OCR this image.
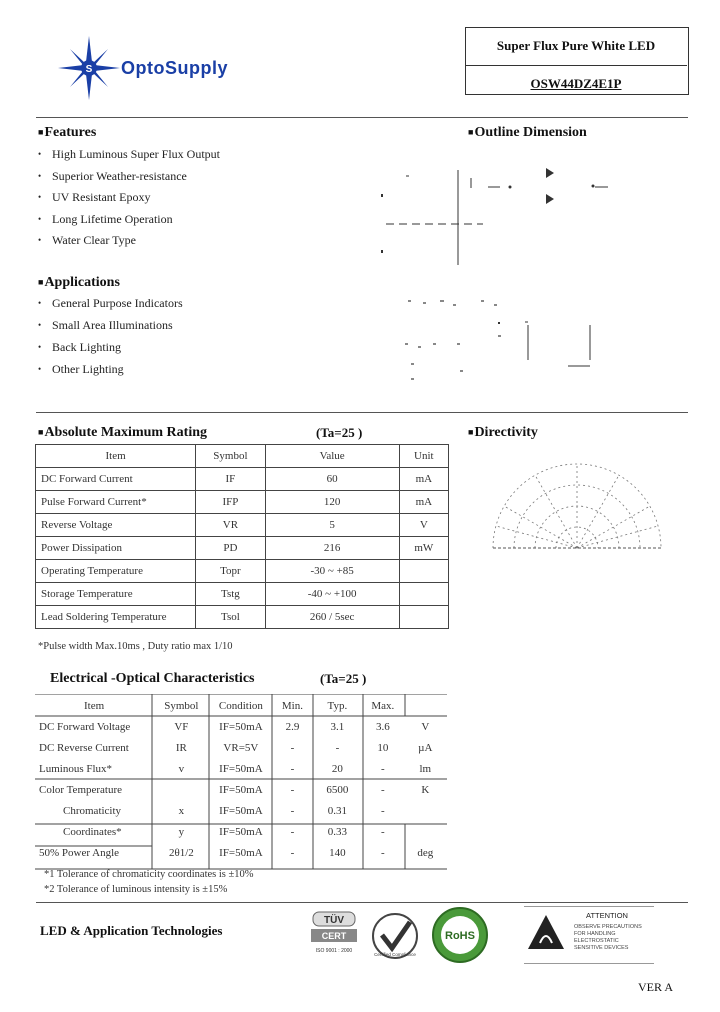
S OptoSupply
Super Flux Pure White LED
OSW44DZ4E1P
■Features
• High Luminous Super Flux Output
• Superior Weather-resistance
• UV Resistant Epoxy
• Long Lifetime Operation
• Water Clear Type
■Outline Dimension
■Applications
• General Purpose Indicators
• Small Area Illuminations
• Back Lighting
• Other Lighting
■Absolute Maximum Rating	(Ta=25 )
Item	Symbol	Value	Unit
DC Forward Current	IF	60	mA
Pulse Forward Current*	IFP	120	mA
Reverse Voltage	VR	5	V
Power Dissipation	PD	216	mW
Operating Temperature	Topr	-30 ~ +85	
Storage Temperature	Tstg	-40 ~ +100	
Lead Soldering Temperature	Tsol	260 / 5sec	
*Pulse width Max.10ms , Duty ratio max 1/10
■Directivity
Electrical -Optical Characteristics	(Ta=25 )
Item	Symbol	Condition	Min.	Typ.	Max.	
DC Forward Voltage	VF	IF=50mA	2.9	3.1	3.6	V
DC Reverse Current	IR	VR=5V	-	-	10	µA
Luminous Flux*	v	IF=50mA	-	20	-	lm
Color Temperature		IF=50mA	-	6500	-	K
Chromaticity	x	IF=50mA	-	0.31	-	
Coordinates*	y	IF=50mA	-	0.33	-	
50% Power Angle	2θ1/2	IF=50mA	-	140	-	deg
*1 Tolerance of chromaticity coordinates is ±10%
*2 Tolerance of luminous intensity is ±15%
LED & Application Technologies
TÜV
CERT
ISO 9001 : 2000
Certified Compliance
RoHS
ATTENTION
OBSERVE PRECAUTIONS
FOR HANDLING
ELECTROSTATIC
SENSITIVE DEVICES
VER A
